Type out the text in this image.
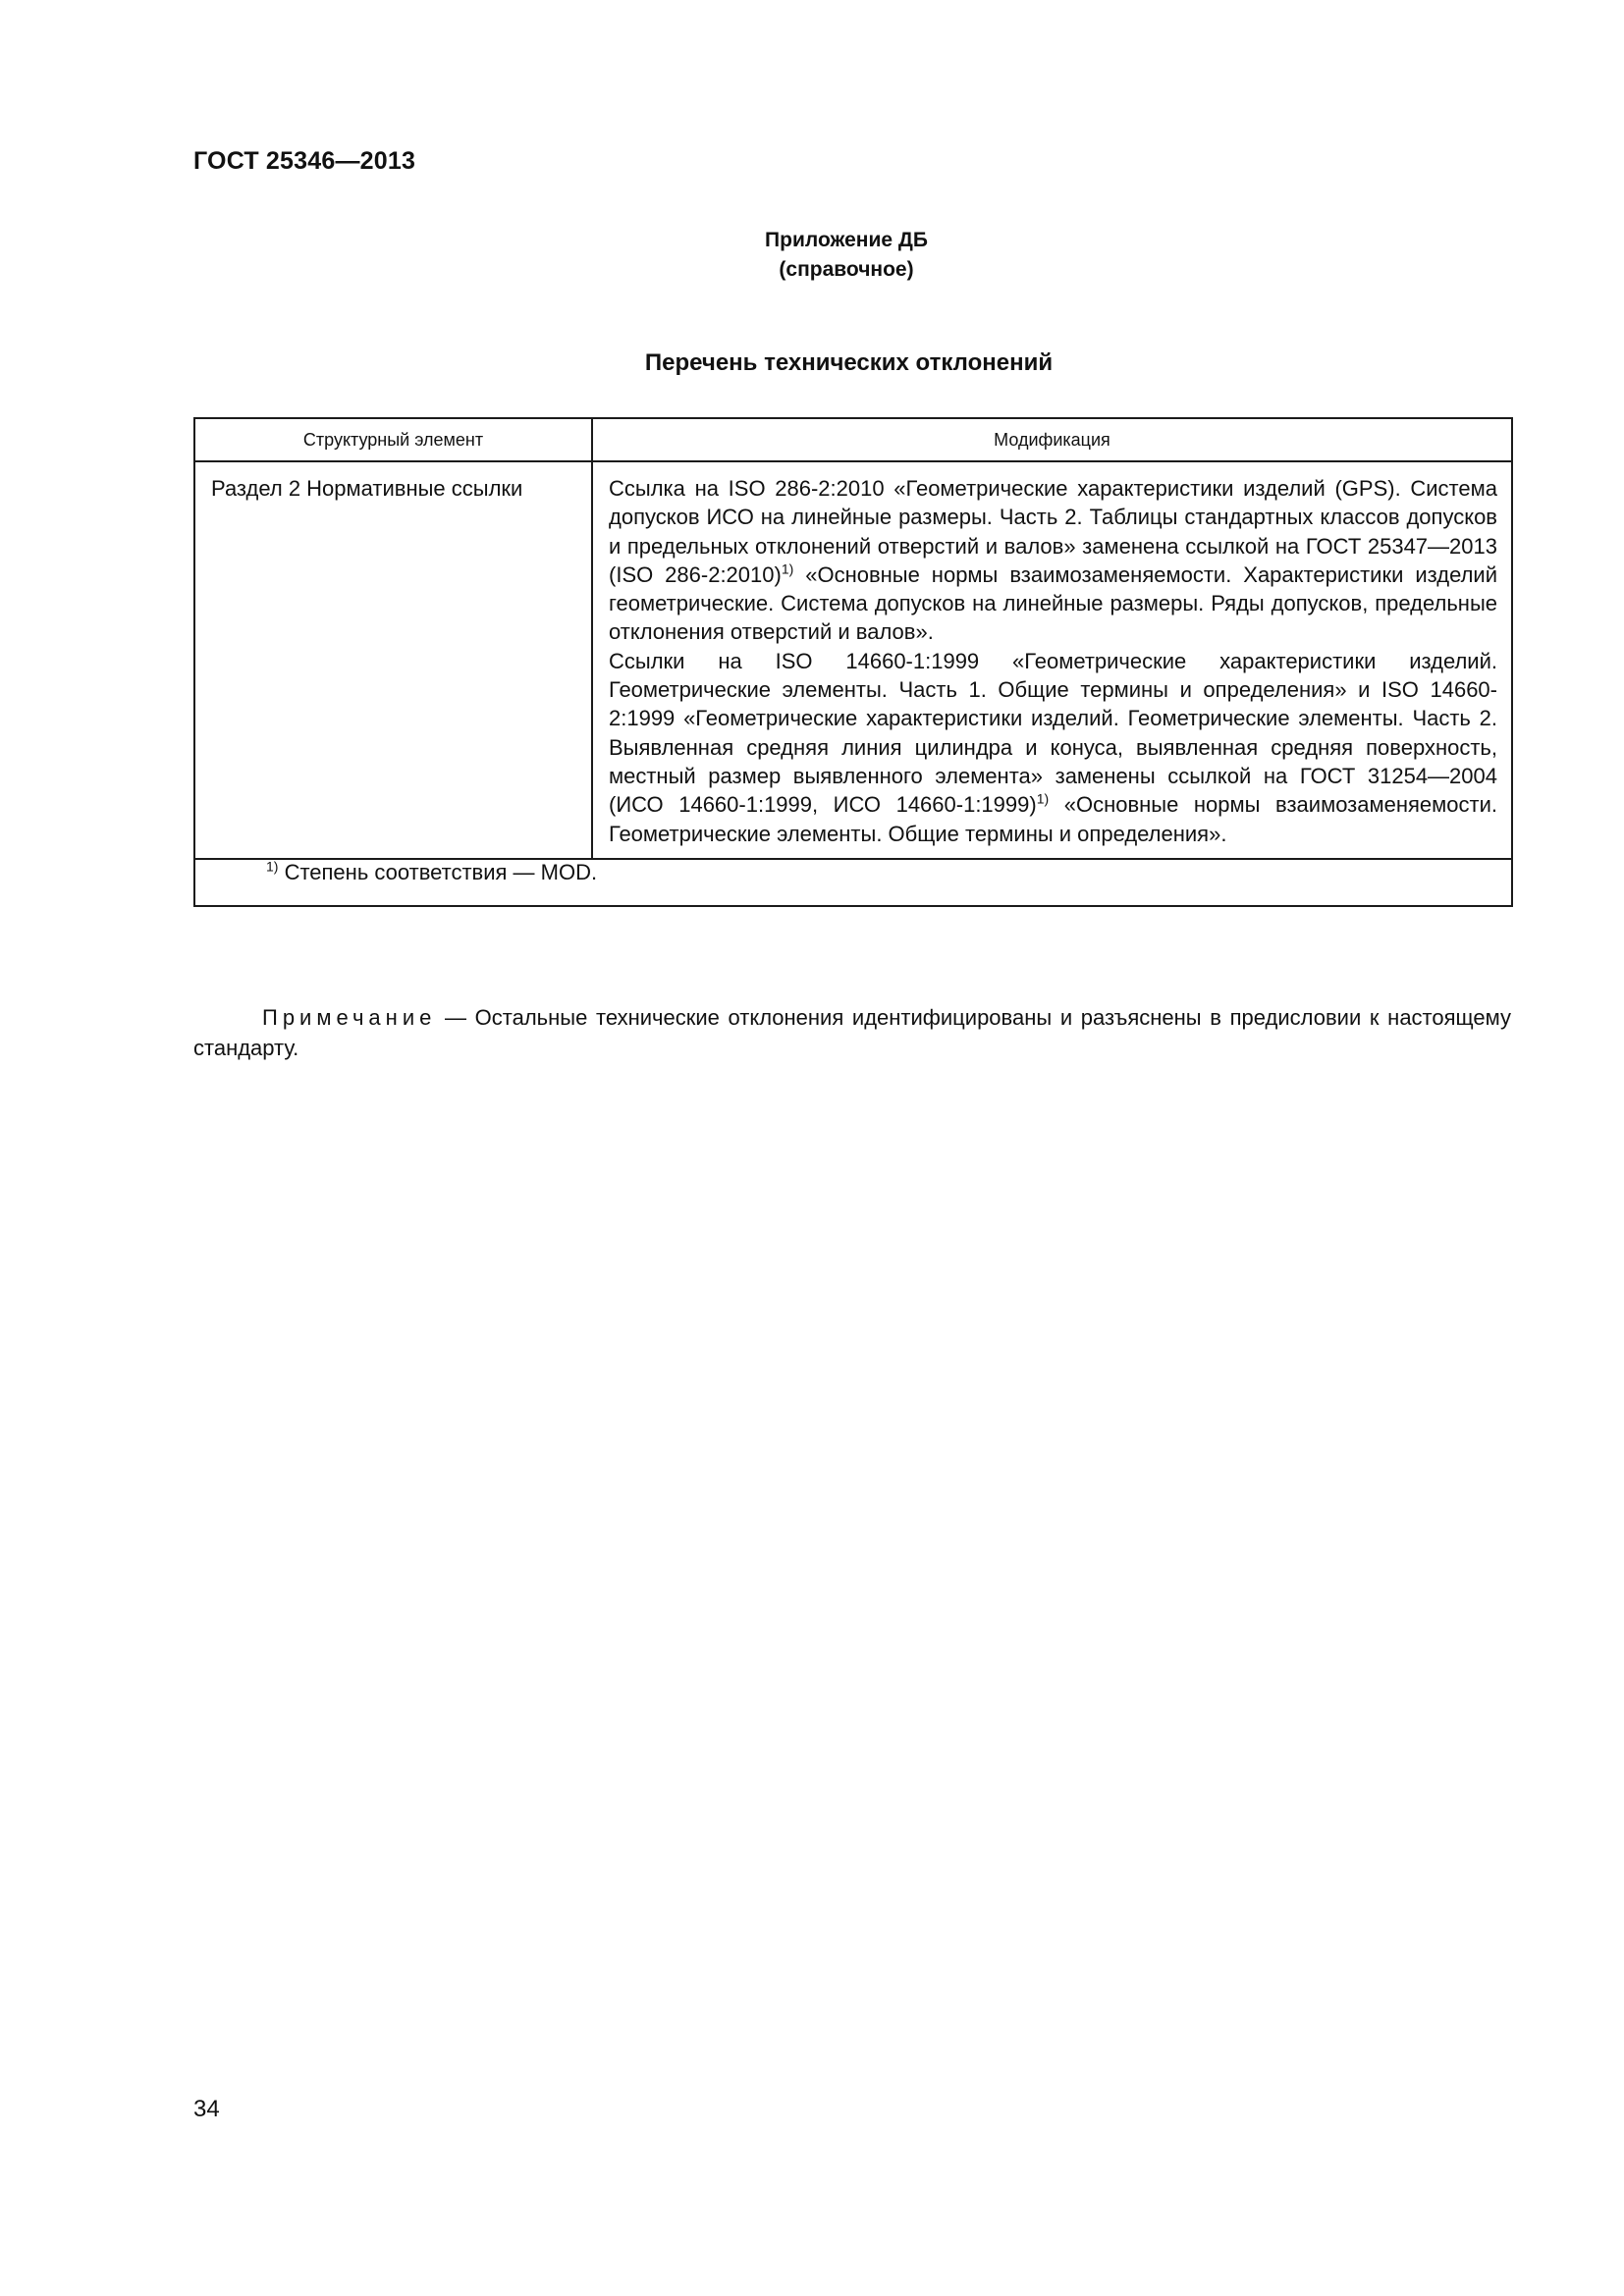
ГОСТ 25346—2013
Приложение ДБ
(справочное)
Перечень технических отклонений
Структурный элемент	Модификация
Раздел 2 Нормативные ссылки	Ссылка на ISO 286-2:2010 «Геометрические характеристики изделий (GPS). Система допусков ИСО на линейные размеры. Часть 2. Таблицы стандартных классов допусков и предельных отклонений отверстий и валов» заменена ссылкой на ГОСТ 25347—2013 (ISO 286-2:2010)$^{1)}$ «Основные нормы взаимозаменяемости. Характеристики изделий геометрические. Система допусков на линейные размеры. Ряды допусков, предельные отклонения отверстий и валов».

Ссылки на ISO 14660-1:1999 «Геометрические характеристики изделий. Геометрические элементы. Часть 1. Общие термины и определения» и ISO 14660-2:1999 «Геометрические характеристики изделий. Геометрические элементы. Часть 2. Выявленная средняя линия цилиндра и конуса, выявленная средняя поверхность, местный размер выявленного элемента» заменены ссылкой на ГОСТ 31254—2004 (ИСО 14660-1:1999, ИСО 14660-1:1999)$^{1)}$ «Основные нормы взаимозаменяемости. Геометрические элементы. Общие термины и определения».

$^{1)}$ Степень соответствия — MOD.	
Примечание — Остальные технические отклонения идентифицированы и разъяснены в предисловии к настоящему стандарту.
34
